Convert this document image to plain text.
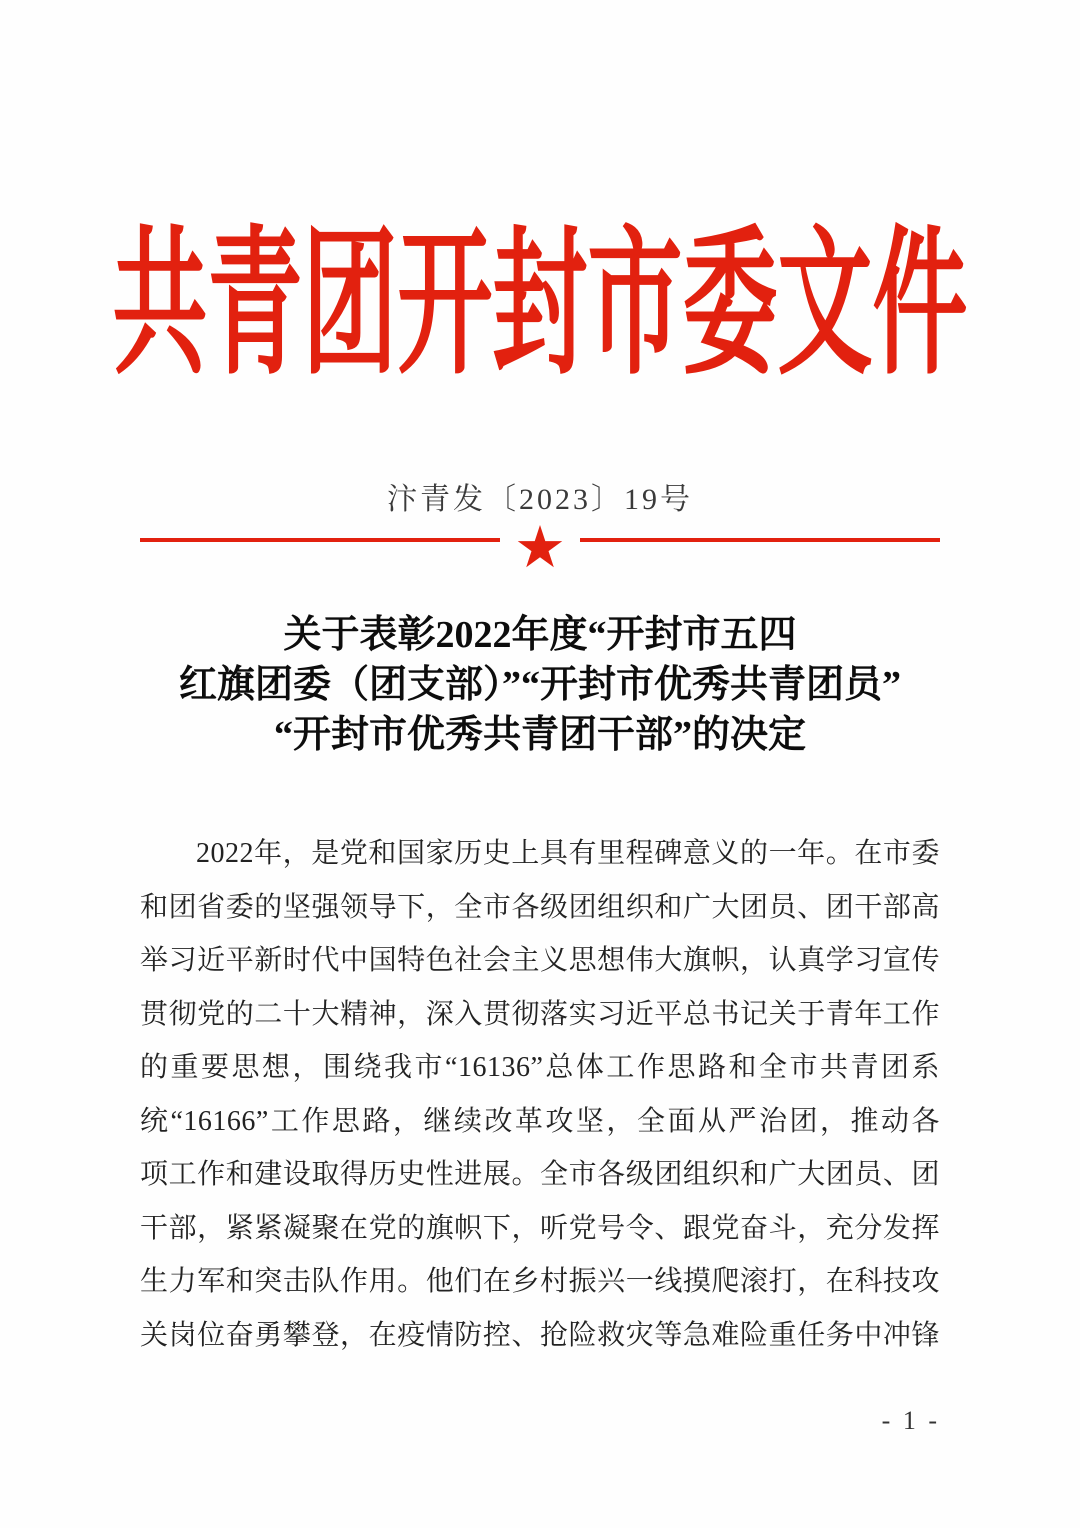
共青团开封市委文件
汴青发〔2023〕19号
★
关于表彰2022年度“开封市五四
红旗团委（团支部）”“开封市优秀共青团员”
“开封市优秀共青团干部”的决定
2022年，是党和国家历史上具有里程碑意义的一年。在市委
和团省委的坚强领导下，全市各级团组织和广大团员、团干部高
举习近平新时代中国特色社会主义思想伟大旗帜，认真学习宣传
贯彻党的二十大精神，深入贯彻落实习近平总书记关于青年工作
的重要思想，围绕我市“16136”总体工作思路和全市共青团系
统“16166”工作思路，继续改革攻坚，全面从严治团，推动各
项工作和建设取得历史性进展。全市各级团组织和广大团员、团
干部，紧紧凝聚在党的旗帜下，听党号令、跟党奋斗，充分发挥
生力军和突击队作用。他们在乡村振兴一线摸爬滚打，在科技攻
关岗位奋勇攀登，在疫情防控、抢险救灾等急难险重任务中冲锋
- 1 -
